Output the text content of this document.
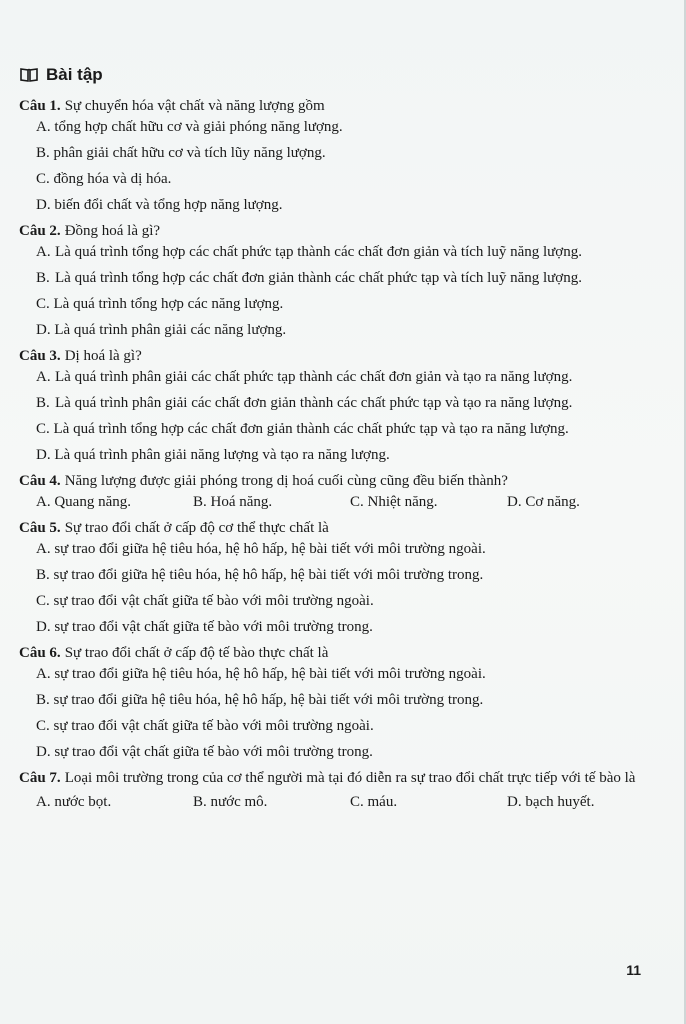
Bài tập
Câu 1. Sự chuyển hóa vật chất và năng lượng gồm
A. tổng hợp chất hữu cơ và giải phóng năng lượng.
B. phân giải chất hữu cơ và tích lũy năng lượng.
C. đồng hóa và dị hóa.
D. biến đổi chất và tổng hợp năng lượng.
Câu 2. Đồng hoá là gì?
A. Là quá trình tổng hợp các chất phức tạp thành các chất đơn giản và tích luỹ năng lượng.
B. Là quá trình tổng hợp các chất đơn giản thành các chất phức tạp và tích luỹ năng lượng.
C. Là quá trình tổng hợp các năng lượng.
D. Là quá trình phân giải các năng lượng.
Câu 3. Dị hoá là gì?
A. Là quá trình phân giải các chất phức tạp thành các chất đơn giản và tạo ra năng lượng.
B. Là quá trình phân giải các chất đơn giản thành các chất phức tạp và tạo ra năng lượng.
C. Là quá trình tổng hợp các chất đơn giản thành các chất phức tạp và tạo ra năng lượng.
D. Là quá trình phân giải năng lượng và tạo ra năng lượng.
Câu 4. Năng lượng được giải phóng trong dị hoá cuối cùng cũng đều biến thành?
A. Quang năng.	B. Hoá năng.	C. Nhiệt năng.	D. Cơ năng.
Câu 5. Sự trao đổi chất ở cấp độ cơ thể thực chất là
A. sự trao đổi giữa hệ tiêu hóa, hệ hô hấp, hệ bài tiết với môi trường ngoài.
B. sự trao đổi giữa hệ tiêu hóa, hệ hô hấp, hệ bài tiết với môi trường trong.
C. sự trao đổi vật chất giữa tế bào với môi trường ngoài.
D. sự trao đổi vật chất giữa tế bào với môi trường trong.
Câu 6. Sự trao đổi chất ở cấp độ tế bào thực chất là
A. sự trao đổi giữa hệ tiêu hóa, hệ hô hấp, hệ bài tiết với môi trường ngoài.
B. sự trao đổi giữa hệ tiêu hóa, hệ hô hấp, hệ bài tiết với môi trường trong.
C. sự trao đổi vật chất giữa tế bào với môi trường ngoài.
D. sự trao đổi vật chất giữa tế bào với môi trường trong.
Câu 7. Loại môi trường trong của cơ thể người mà tại đó diễn ra sự trao đổi chất trực tiếp với tế bào là
A. nước bọt.	B. nước mô.	C. máu.	D. bạch huyết.
11
